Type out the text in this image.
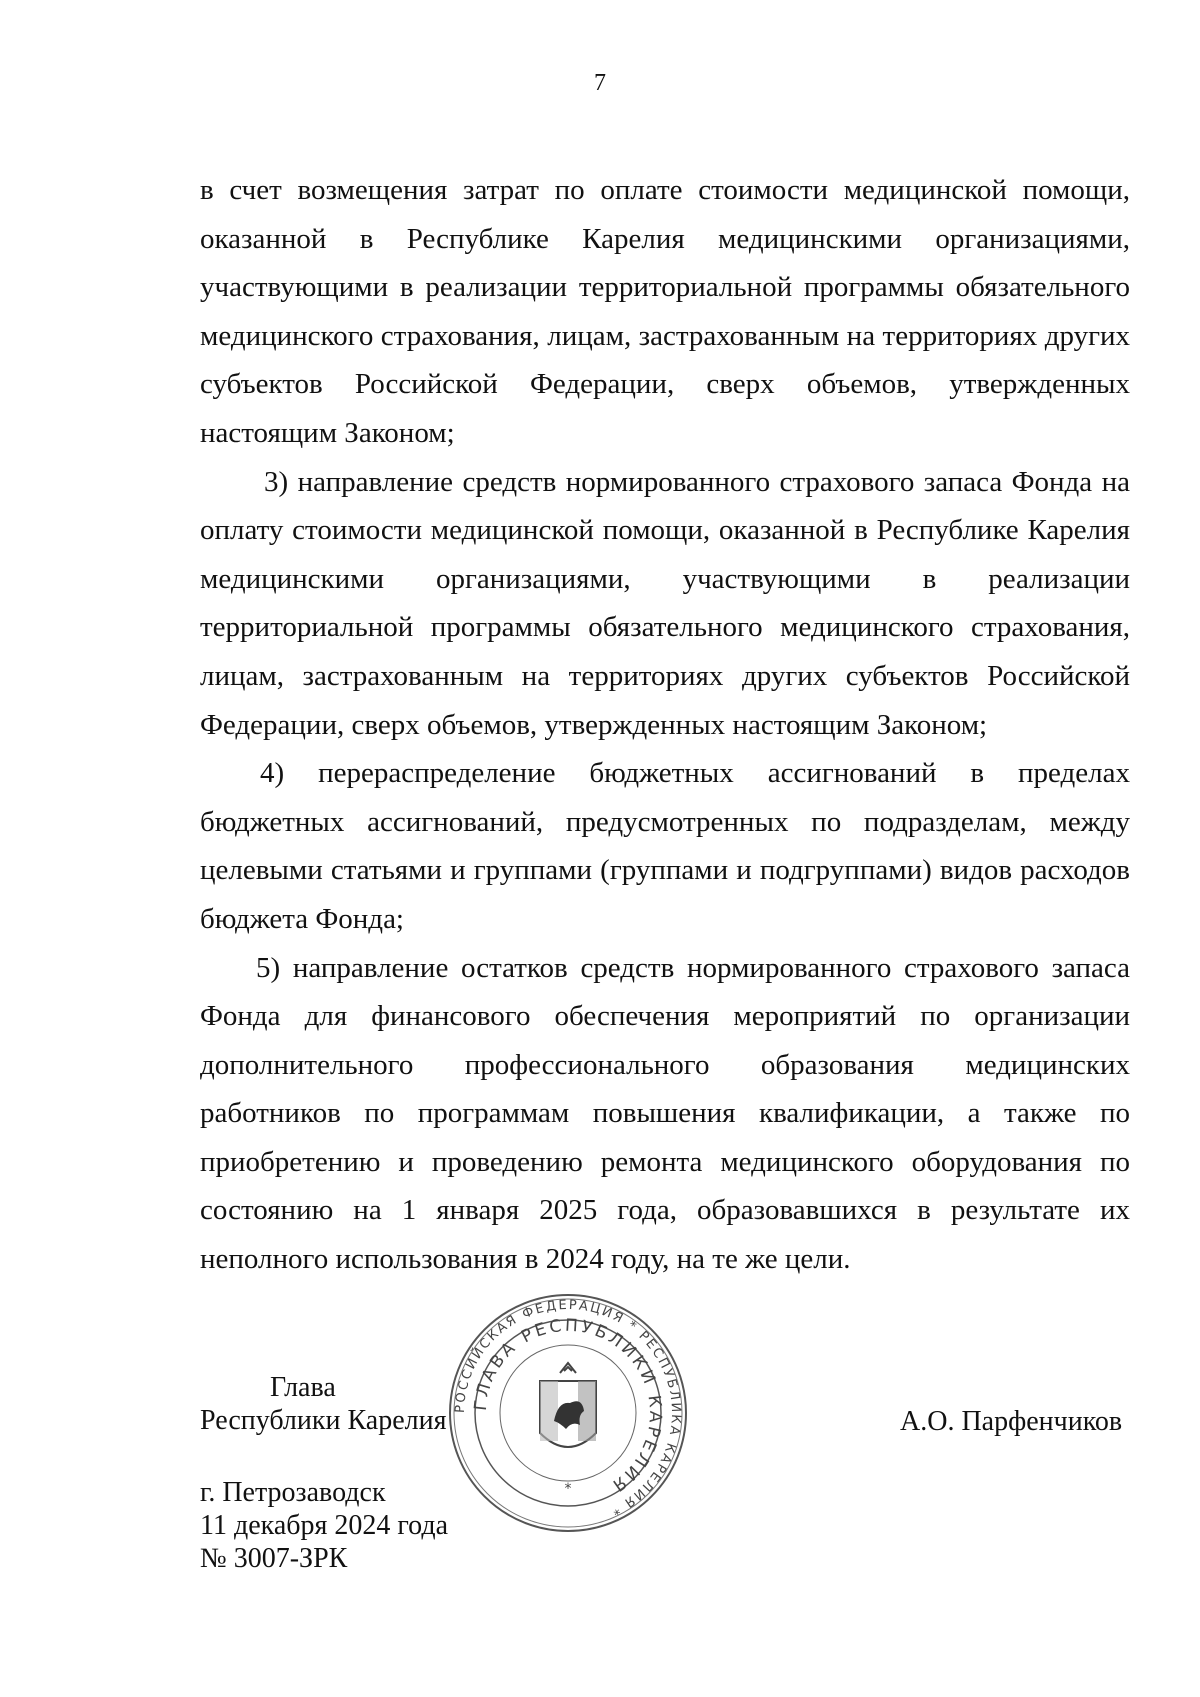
7

в счет возмещения затрат по оплате стоимости медицинской помощи, оказанной в Республике Карелия медицинскими организациями, участвующими в реализации территориальной программы обязательного медицинского страхования, лицам, застрахованным на территориях других субъектов Российской Федерации, сверх объемов, утвержденных настоящим Законом;

3) направление средств нормированного страхового запаса Фонда на оплату стоимости медицинской помощи, оказанной в Республике Карелия медицинскими организациями, участвующими в реализации территориальной программы обязательного медицинского страхования, лицам, застрахованным на территориях других субъектов Российской Федерации, сверх объемов, утвержденных настоящим Законом;

4) перераспределение бюджетных ассигнований в пределах бюджетных ассигнований, предусмотренных по подразделам, между целевыми статьями и группами (группами и подгруппами) видов расходов бюджета Фонда;

5) направление остатков средств нормированного страхового запаса Фонда для финансового обеспечения мероприятий по организации дополнительного профессионального образования медицинских работников по программам повышения квалификации, а также по приобретению и проведению ремонта медицинского оборудования по состоянию на 1 января 2025 года, образовавшихся в результате их неполного использования в 2024 году, на те же цели.

Глава
Республики Карелия	А.О. Парфенчиков
г. Петрозаводск
11 декабря 2024 года
№ 3007-ЗРК
РОССИЙСКАЯ ФЕДЕРАЦИЯ * РЕСПУБЛИКА КАРЕЛИЯ *
ГЛАВА РЕСПУБЛИКИ КАРЕЛИЯ
*
